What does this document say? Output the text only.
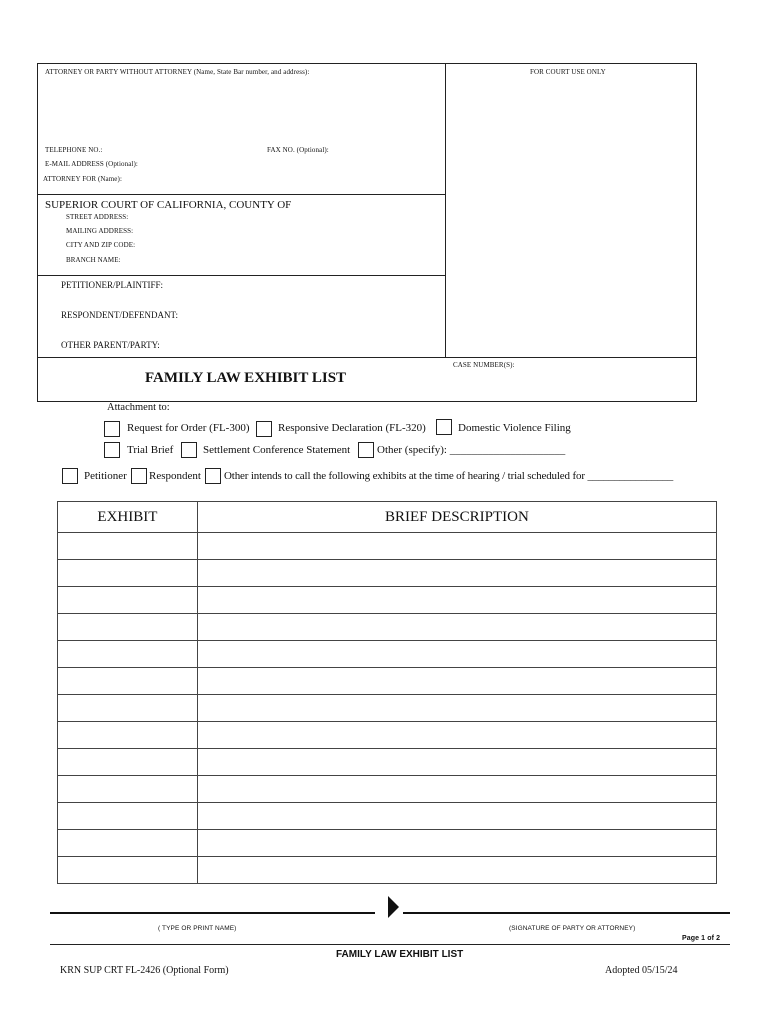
ATTORNEY OR PARTY WITHOUT ATTORNEY (Name, State Bar number, and address):	FOR COURT USE ONLY
TELEPHONE NO.:	FAX NO. (Optional):
E-MAIL ADDRESS (Optional):
ATTORNEY FOR (Name):
SUPERIOR COURT OF CALIFORNIA, COUNTY OF
STREET ADDRESS:
MAILING ADDRESS:
CITY AND ZIP CODE:
BRANCH NAME:
PETITIONER/PLAINTIFF:
RESPONDENT/DEFENDANT:
OTHER PARENT/PARTY:
CASE NUMBER(S):
FAMILY LAW EXHIBIT LIST
Attachment to:
Request for Order (FL-300)	Responsive Declaration (FL-320)	Domestic Violence Filing
Trial Brief	Settlement Conference Statement Other (specify): _____________________
Petitioner Respondent Other intends to call the following exhibits at the time of hearing / trial scheduled for ________________
EXHIBIT	BRIEF DESCRIPTION

( TYPE OR PRINT NAME)	(SIGNATURE OF PARTY OR ATTORNEY)
Page 1 of 2
FAMILY LAW EXHIBIT LIST
KRN SUP CRT FL-2426 (Optional Form)	Adopted 05/15/24
